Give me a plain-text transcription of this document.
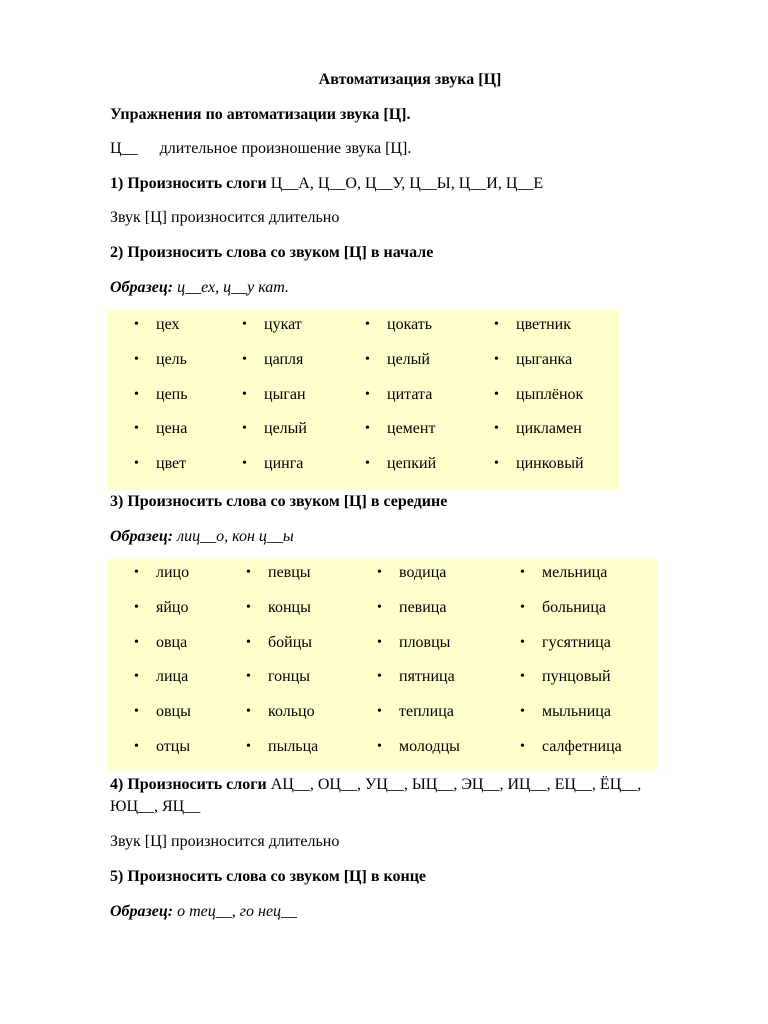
Автоматизация звука [Ц]
Упражнения по автоматизации звука [Ц].
Ц__ длительное произношение звука [Ц].
1) Произносить слоги Ц__А, Ц__О, Ц__У, Ц__Ы, Ц__И, Ц__Е
Звук [Ц] произносится длительно
2) Произносить слова со звуком [Ц] в начале
Образец: ц__ех, ц__у кат.
• цех
• цель
• цепь
• цена
• цвет
• цукат
• цапля
• цыган
• целый
• цинга
• цокать
• целый
• цитата
• цемент
• цепкий
• цветник
• цыганка
• цыплёнок
• цикламен
• цинковый
3) Произносить слова со звуком [Ц] в середине
Образец: лиц__о, кон ц__ы
• лицо
• яйцо
• овца
• лица
• овцы
• отцы
• певцы
• концы
• бойцы
• гонцы
• кольцо
• пыльца
• водица
• певица
• пловцы
• пятница
• теплица
• молодцы
• мельница
• больница
• гусятница
• пунцовый
• мыльница
• салфетница
4) Произносить слоги АЦ__, ОЦ__, УЦ__, ЫЦ__, ЭЦ__, ИЦ__, ЕЦ__, ЁЦ__,
ЮЦ__, ЯЦ__
Звук [Ц] произносится длительно
5) Произносить слова со звуком [Ц] в конце
Образец: о тец__, го нец__
